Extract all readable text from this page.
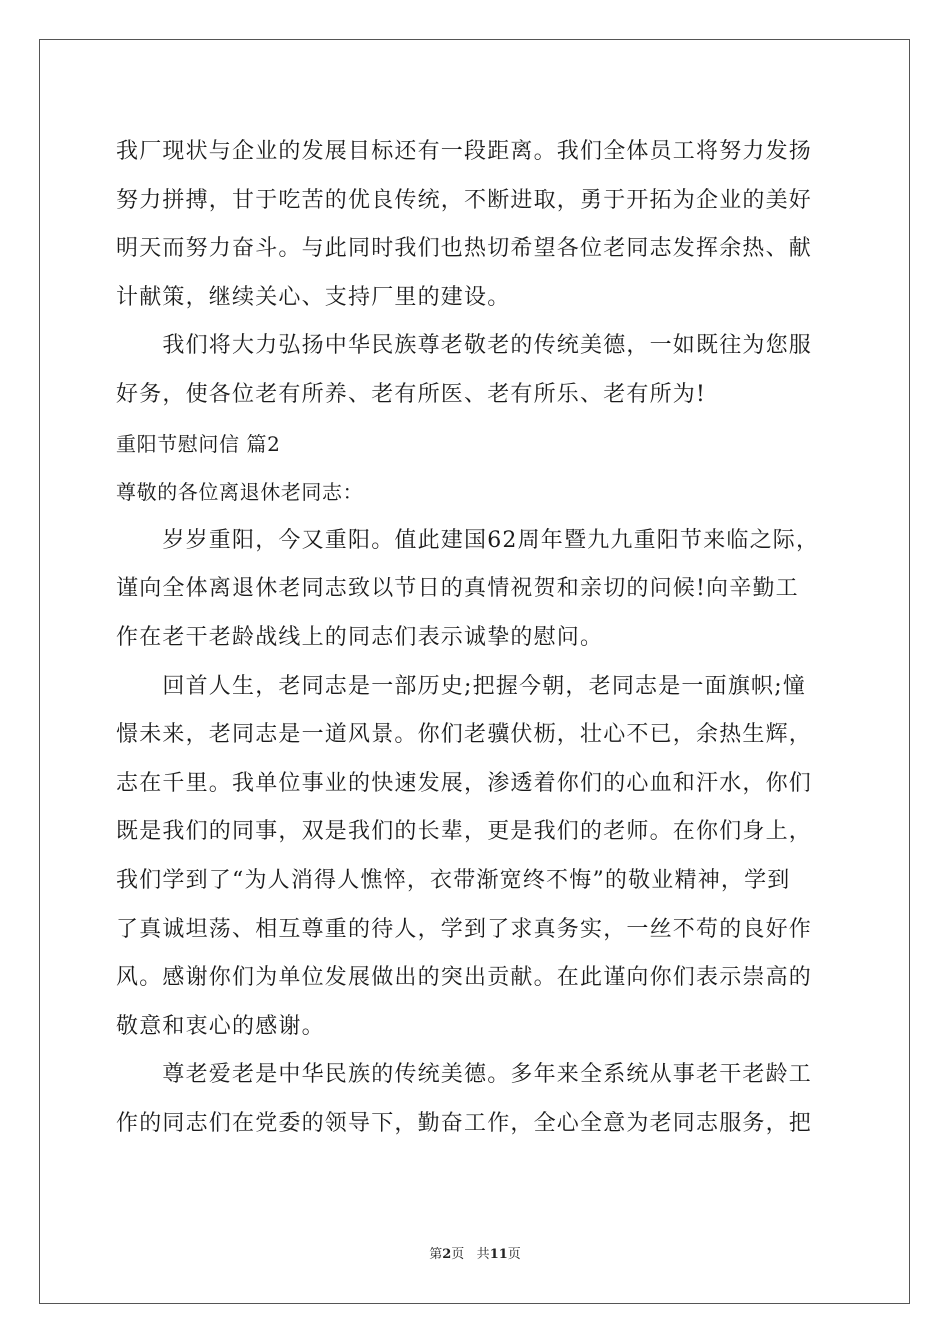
我厂现状与企业的发展目标还有一段距离。我们全体员工将努力发扬
努力拼搏，甘于吃苦的优良传统，不断进取，勇于开拓为企业的美好
明天而努力奋斗。与此同时我们也热切希望各位老同志发挥余热、献
计献策，继续关心、支持厂里的建设。
　　我们将大力弘扬中华民族尊老敬老的传统美德，一如既往为您服
好务，使各位老有所养、老有所医、老有所乐、老有所为!
重阳节慰问信 篇2
尊敬的各位离退休老同志：
　　岁岁重阳，今又重阳。值此建国62周年暨九九重阳节来临之际，
谨向全体离退休老同志致以节日的真情祝贺和亲切的问候!向辛勤工
作在老干老龄战线上的同志们表示诚挚的慰问。
　　回首人生，老同志是一部历史;把握今朝，老同志是一面旗帜;憧
憬未来，老同志是一道风景。你们老骥伏枥，壮心不已，余热生辉，
志在千里。我单位事业的快速发展，渗透着你们的心血和汗水，你们
既是我们的同事，双是我们的长辈，更是我们的老师。在你们身上，
我们学到了“为人消得人憔悴，衣带渐宽终不悔”的敬业精神，学到
了真诚坦荡、相互尊重的待人，学到了求真务实，一丝不苟的良好作
风。感谢你们为单位发展做出的突出贡献。在此谨向你们表示崇高的
敬意和衷心的感谢。
　　尊老爱老是中华民族的传统美德。多年来全系统从事老干老龄工
作的同志们在党委的领导下，勤奋工作，全心全意为老同志服务，把
第2页 共11页
